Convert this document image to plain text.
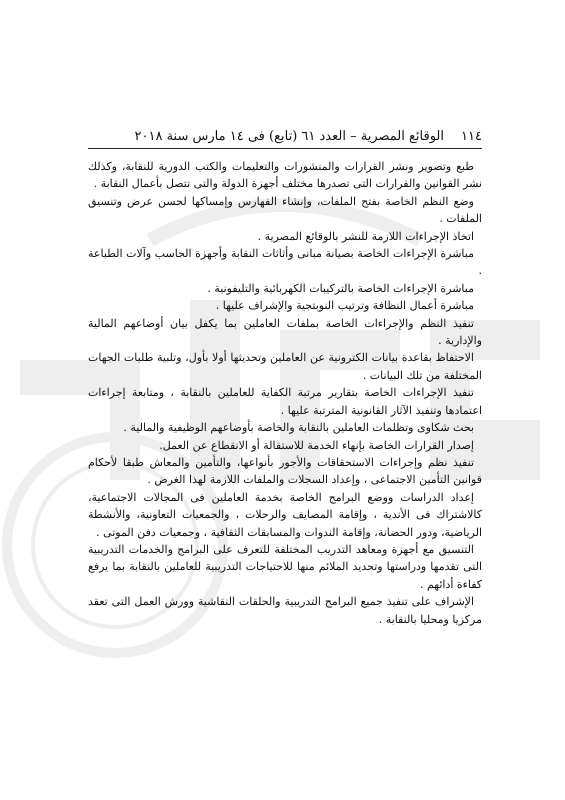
١١٤
الوقائع المصرية – العدد ٦١ (تابع) فى ١٤ مارس سنة ٢٠١٨

طبع وتصوير ونشر القرارات والمنشورات والتعليمات والكتب الدورية للنقابة، وكذلك نشر القوانين والقرارات التى تصدرها مختلف أجهزة الدولة والتى تتصل بأعمال النقابة .

وضع النظم الخاصة بفتح الملفات، وإنشاء الفهارس وإمساكها لحسن عرض وتنسيق الملفات .

اتخاذ الإجراءات اللازمة للنشر بالوقائع المصرية .

مباشرة الإجراءات الخاصة بصيانة مبانى وأثاثات النقابة وأجهزة الحاسب وآلات الطباعة .

مباشرة الإجراءات الخاصة بالتركيبات الكهربائية والتليفونية .

مباشرة أعمال النظافة وترتيب النوبتجية والإشراف عليها .

تنفيذ النظم والإجراءات الخاصة بملفات العاملين بما يكفل بيان أوضاعهم المالية والإدارية .

الاحتفاظ بقاعدة بيانات الكترونية عن العاملين وتحديثها أولا بأول، وتلبية طلبات الجهات المختلفة من تلك البيانات .

تنفيذ الإجراءات الخاصة بتقارير مرتبة الكفاية للعاملين بالنقابة ، ومتابعة إجراءات اعتمادها وتنفيذ الآثار القانونية المترتبة عليها .

بحث شكاوى وتظلمات العاملين بالنقابة والخاصة بأوضاعهم الوظيفية والمالية .

إصدار القرارات الخاصة بإنهاء الخدمة للاستقالة أو الانقطاع عن العمل.

تنفيذ نظم وإجراءات الاستحقاقات والأجور بأنواعها، والتأمين والمعاش طبقا لأحكام قوانين التأمين الاجتماعى ، وإعداد السجلات والملفات اللازمة لهذا الغرض .

إعداد الدراسات ووضع البرامج الخاصة بخدمة العاملين فى المجالات الاجتماعية، كالاشتراك فى الأندية ، وإقامة المصايف والرحلات ، والجمعيات التعاونية، والأنشطة الرياضية، ودور الحضانة، وإقامة الندوات والمسابقات الثقافية ، وجمعيات دفن الموتى .

التنسيق مع أجهزة ومعاهد التدريب المختلفة للتعرف على البرامج والخدمات التدريبية التى تقدمها ودراستها وتحديد الملائم منها للاحتياجات التدريبية للعاملين بالنقابة بما يرفع كفاءة أدائهم .

الإشراف على تنفيذ جميع البرامج التدريبية والحلقات النقاشية وورش العمل التى تعقد مركزيا ومحليا بالنقابة .
